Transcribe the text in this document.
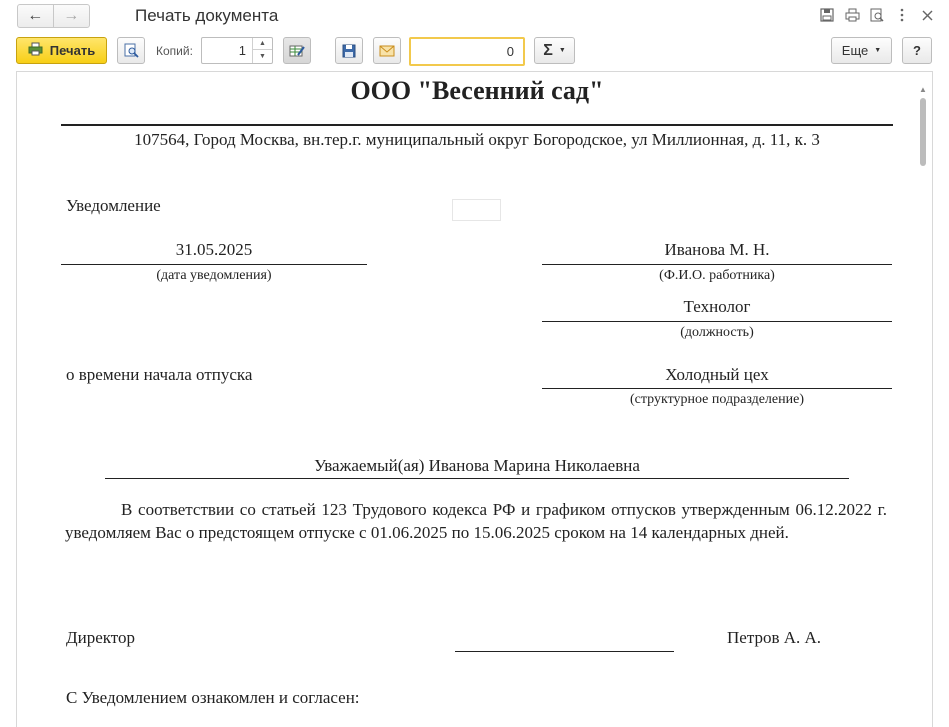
← →	Печать документа
Печать	Копий:	1	▲
▼	0 Σ ▼	Еще ▼ ?
ООО "Весенний сад"
107564, Город Москва, вн.тер.г. муниципальный округ Богородское, ул Миллионная, д. 11, к. 3
Уведомление
31.05.2025
(дата уведомления)
Иванова М. Н.
(Ф.И.О. работника)
Технолог
(должность)
о времени начала отпуска	Холодный цех
(структурное подразделение)
Уважаемый(ая) Иванова Марина Николаевна
В соответствии со статьей 123 Трудового кодекса РФ и графиком отпусков утвержденным 06.12.2022 г. уведомляем Вас о предстоящем отпуске с 01.06.2025 по 15.06.2025 сроком на 14 календарных дней.
Директор	Петров А. А.
С Уведомлением ознакомлен и согласен:
▲
